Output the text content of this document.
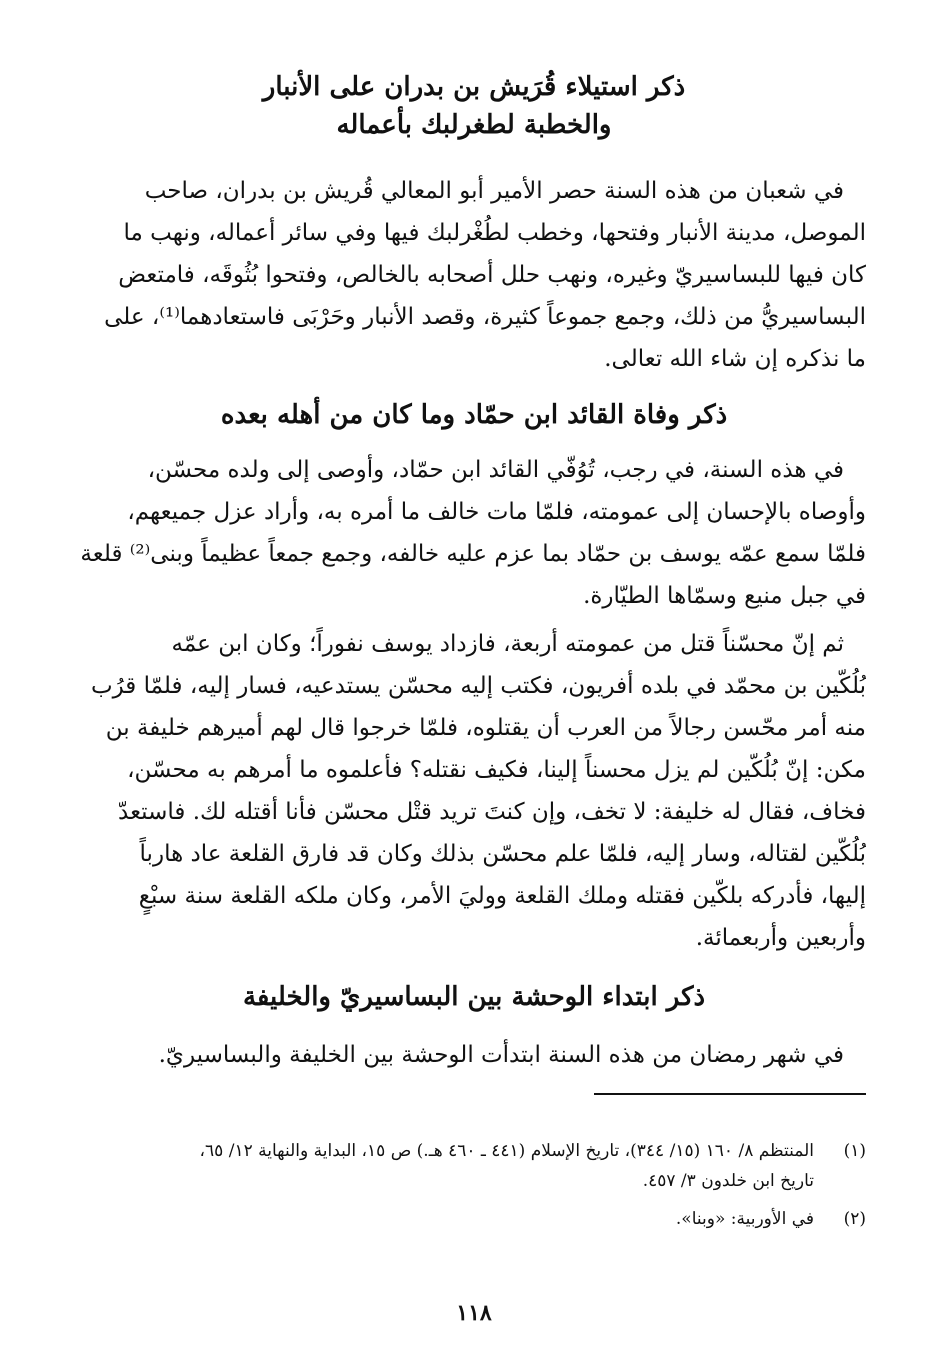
ذكر استيلاء قُرَيش بن بدران على الأنبار
والخطبة لطغرلبك بأعماله
في شعبان من هذه السنة حصر الأمير أبو المعالي قُريش بن بدران، صاحب
الموصل، مدينة الأنبار وفتحها، وخطب لطُغْرلبك فيها وفي سائر أعماله، ونهب ما
كان فيها للبساسيريّ وغيره، ونهب حلل أصحابه بالخالص، وفتحوا بُثُوقَه، فامتعض
البساسيريُّ من ذلك، وجمع جموعاً كثيرة، وقصد الأنبار وحَرْبَى فاستعادهما⁽¹⁾، على
ما نذكره إن شاء الله تعالى.
ذكر وفاة القائد ابن حمّاد وما كان من أهله بعده
في هذه السنة، في رجب، تُوُفّي القائد ابن حمّاد، وأوصى إلى ولده محسّن،
وأوصاه بالإحسان إلى عمومته، فلمّا مات خالف ما أمره به، وأراد عزل جميعهم،
فلمّا سمع عمّه يوسف بن حمّاد بما عزم عليه خالفه، وجمع جمعاً عظيماً وبنى⁽²⁾ قلعة
في جبل منيع وسمّاها الطيّارة.
ثم إنّ محسّناً قتل من عمومته أربعة، فازداد يوسف نفوراً؛ وكان ابن عمّه
بُلُكّين بن محمّد في بلده أفريون، فكتب إليه محسّن يستدعيه، فسار إليه، فلمّا قرُب
منه أمر محّسن رجالاً من العرب أن يقتلوه، فلمّا خرجوا قال لهم أميرهم خليفة بن
مكن: إنّ بُلُكّين لم يزل محسناً إلينا، فكيف نقتله؟ فأعلموه ما أمرهم به محسّن،
فخاف، فقال له خليفة: لا تخف، وإن كنتَ تريد قتْل محسّن فأنا أقتله لك. فاستعدّ
بُلُكّين لقتاله، وسار إليه، فلمّا علم محسّن بذلك وكان قد فارق القلعة عاد هارباً
إليها، فأدركه بلكّين فقتله وملك القلعة ووليَ الأمر، وكان ملكه القلعة سنة سبْعٍ
وأربعين وأربعمائة.
ذكر ابتداء الوحشة بين البساسيريّ والخليفة
في شهر رمضان من هذه السنة ابتدأت الوحشة بين الخليفة والبساسيريّ.
(١)المنتظم ٨/ ١٦٠ (١٥/ ٣٤٤)، تاريخ الإسلام (٤٤١ ـ ٤٦٠ هـ.) ص ١٥، البداية والنهاية ١٢/ ٦٥،
تاريخ ابن خلدون ٣/ ٤٥٧.
(٢)في الأوربية: «وبنا».
١١٨
